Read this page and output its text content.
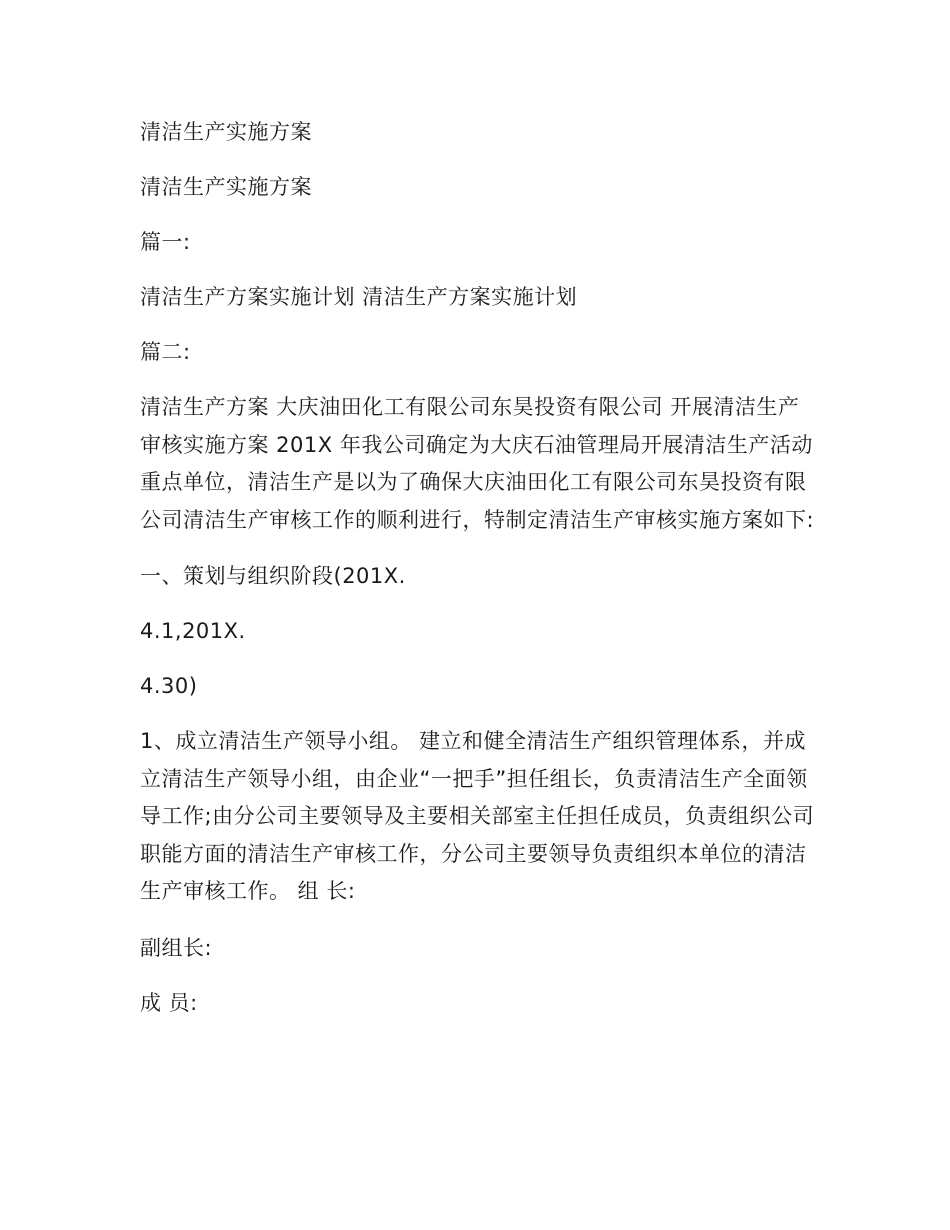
清洁生产实施方案

清洁生产实施方案

篇一:

清洁生产方案实施计划 清洁生产方案实施计划

篇二:

清洁生产方案 大庆油田化工有限公司东昊投资有限公司 开展清洁生产审核实施方案 201X 年我公司确定为大庆石油管理局开展清洁生产活动重点单位，清洁生产是以为了确保大庆油田化工有限公司东昊投资有限公司清洁生产审核工作的顺利进行，特制定清洁生产审核实施方案如下:

一、策划与组织阶段(201X.

4.1,201X.

4.30)

1、成立清洁生产领导小组。 建立和健全清洁生产组织管理体系，并成立清洁生产领导小组，由企业“一把手”担任组长，负责清洁生产全面领导工作;由分公司主要领导及主要相关部室主任担任成员，负责组织公司职能方面的清洁生产审核工作，分公司主要领导负责组织本单位的清洁生产审核工作。 组 长:

副组长:

成 员:
